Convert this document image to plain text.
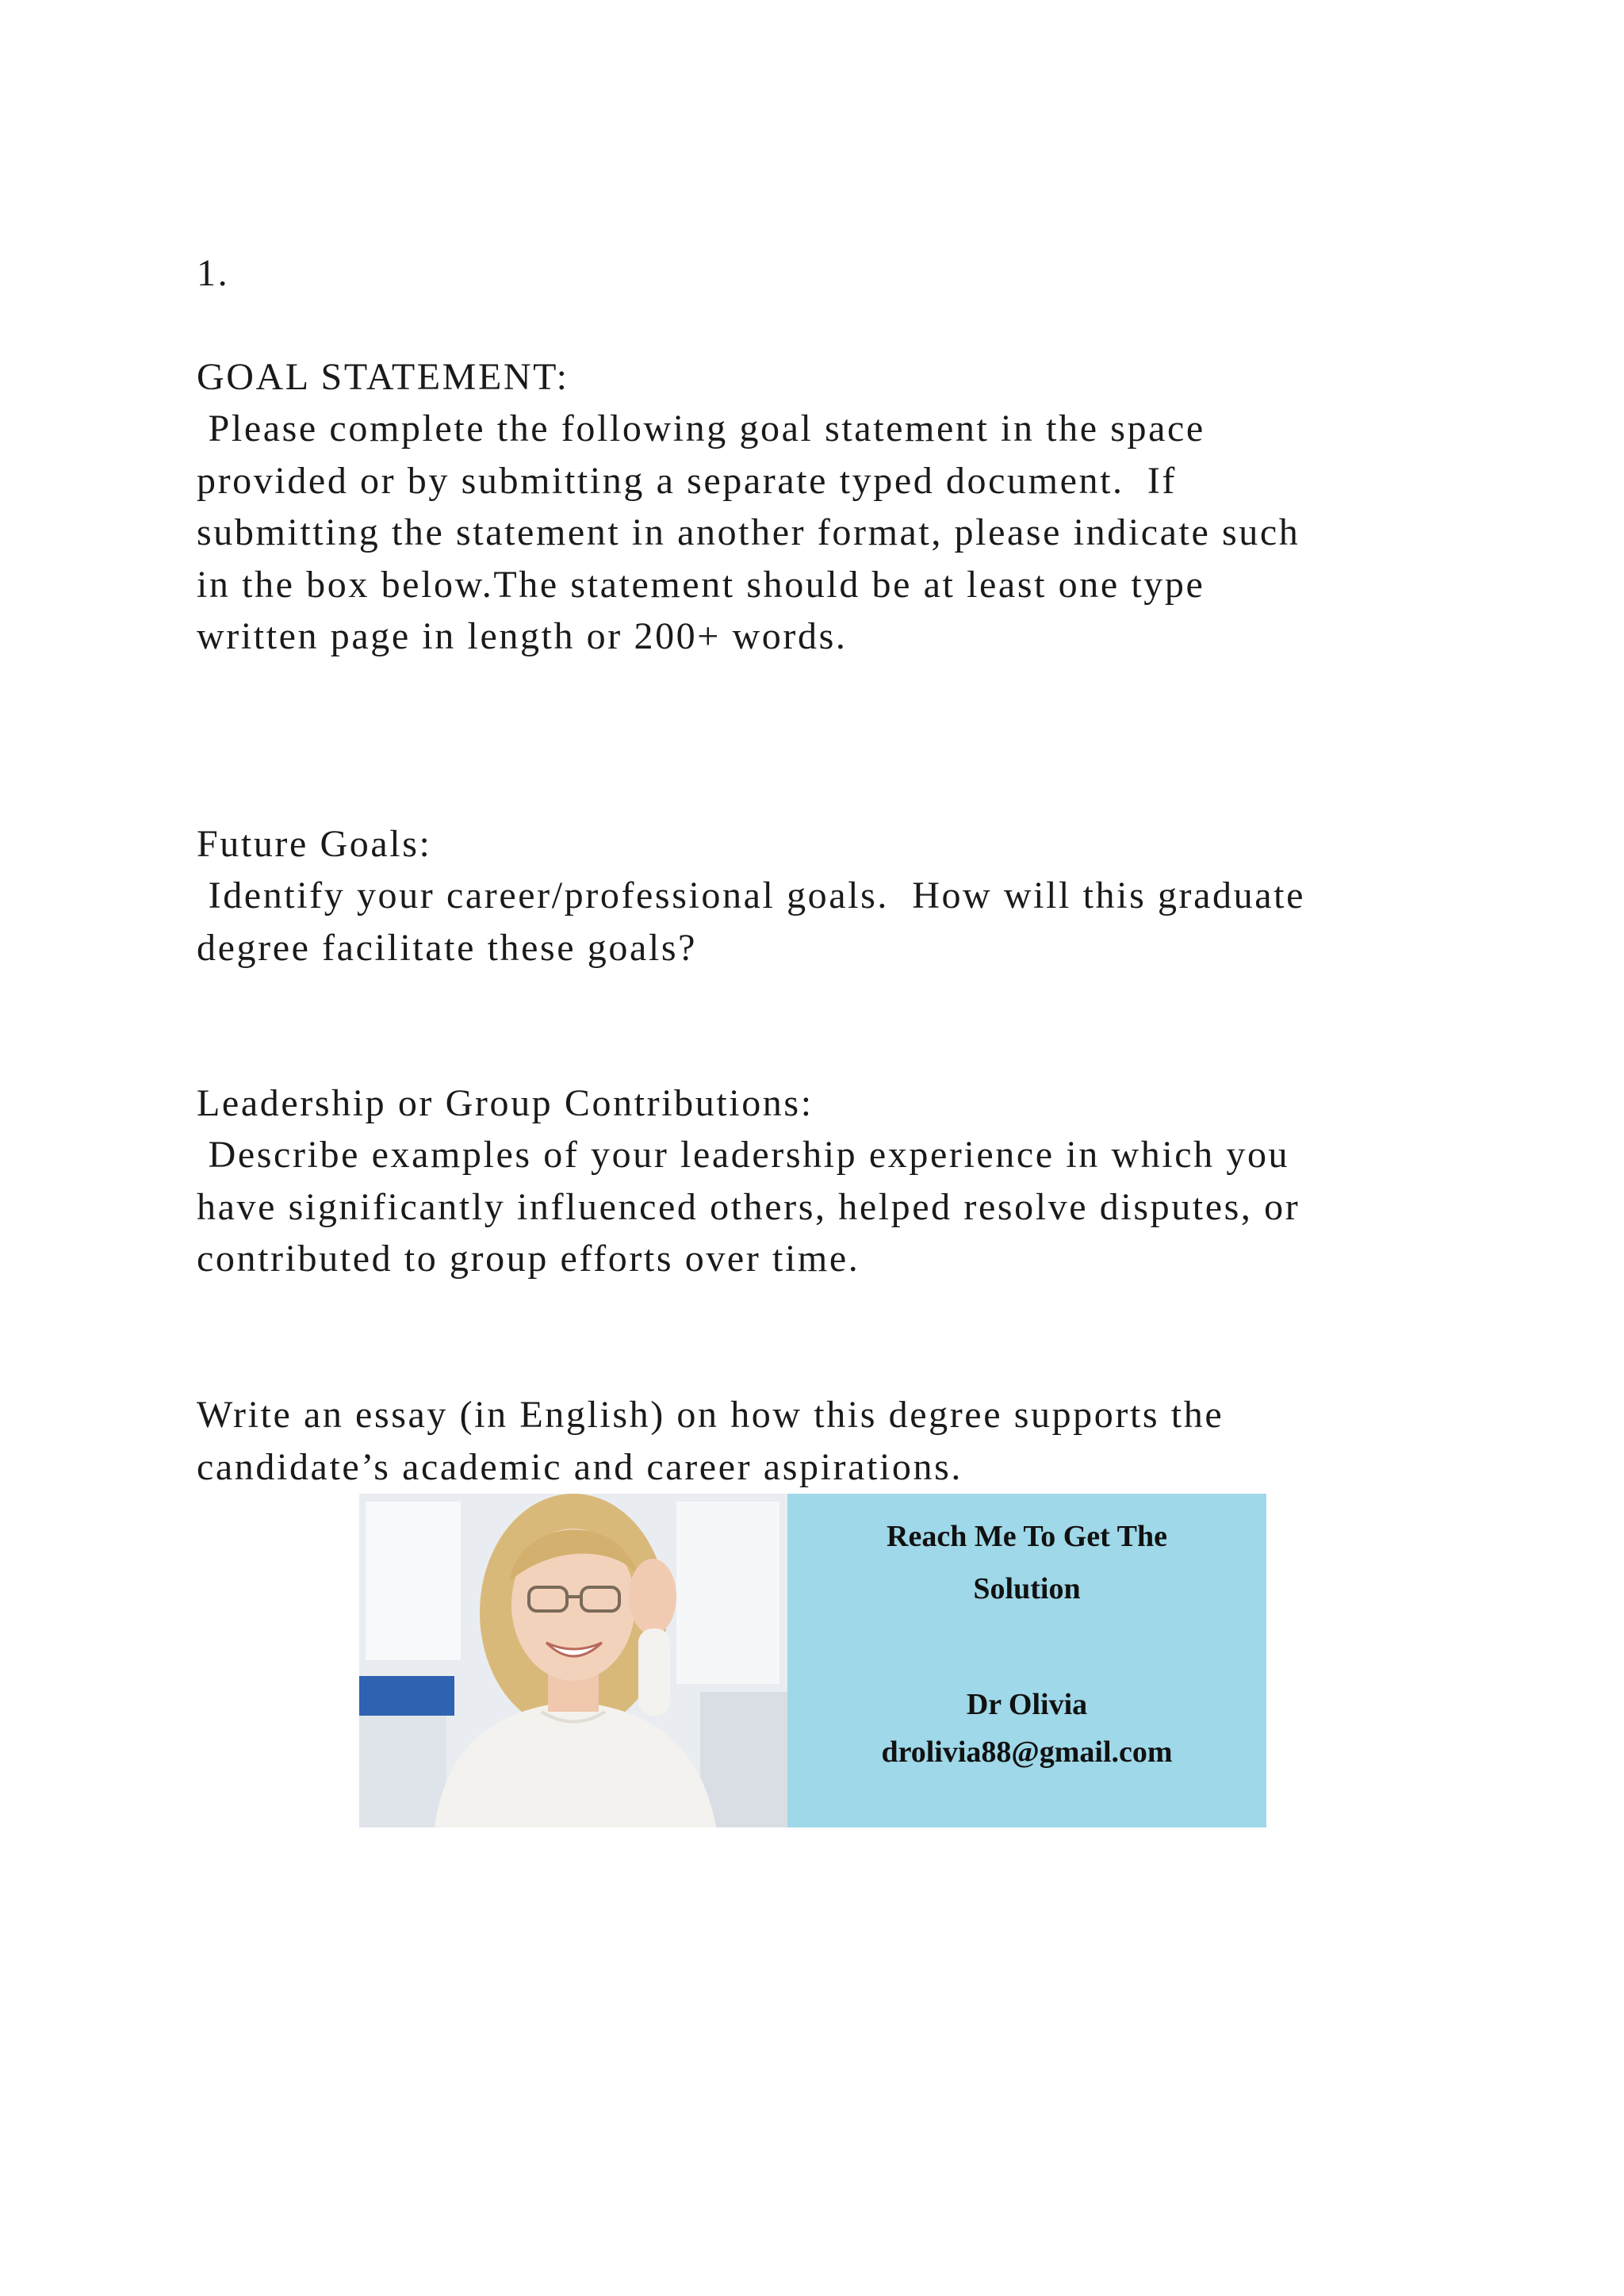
1.

GOAL STATEMENT:

Please complete the following goal statement in the space
provided or by submitting a separate typed document.  If
submitting the statement in another format, please indicate such
in the box below.The statement should be at least one type
written page in length or 200+ words.

Future Goals:

Identify your career/professional goals.  How will this graduate
degree facilitate these goals?

Leadership or Group Contributions:

Describe examples of your leadership experience in which you
have significantly influenced others, helped resolve disputes, or
contributed to group efforts over time.

Write an essay (in English) on how this degree supports the
candidate’s academic and career aspirations.

Reach Me To Get The
Solution
Dr Olivia
drolivia88@gmail.com
